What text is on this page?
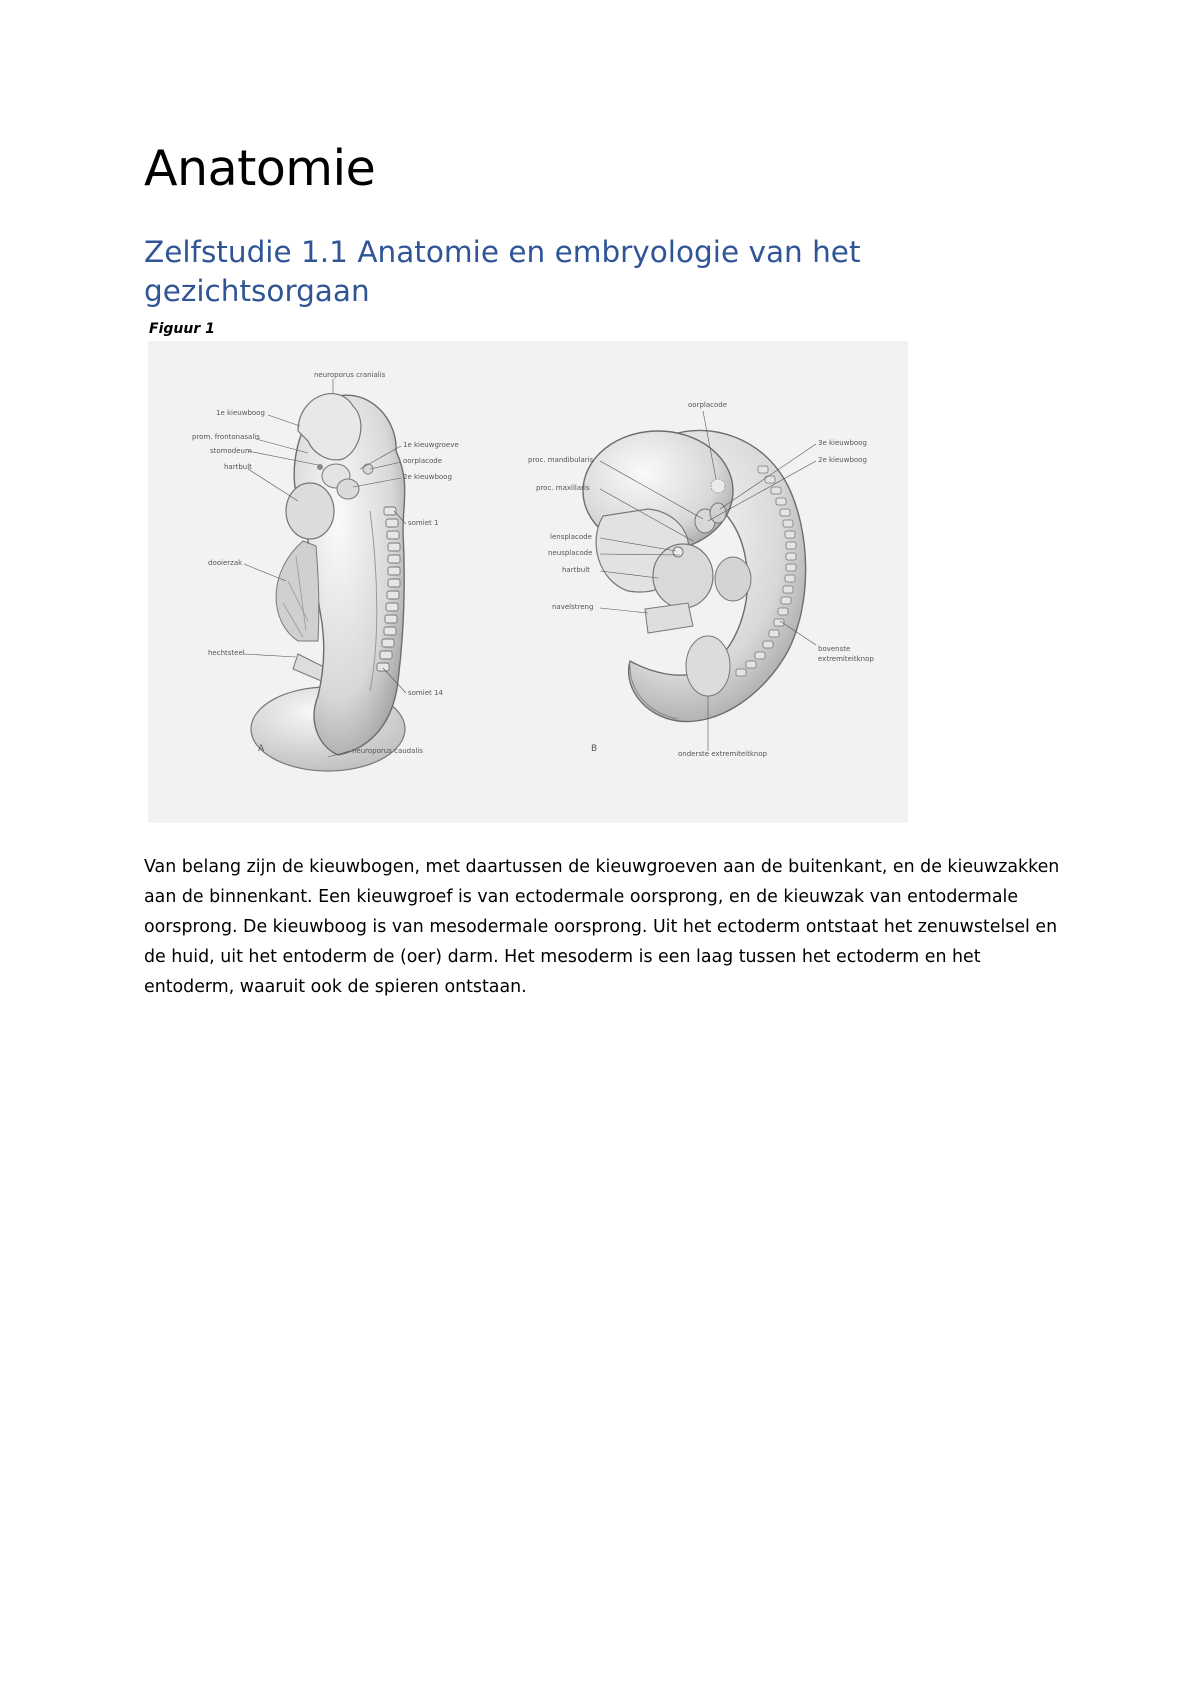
Anatomie
Zelfstudie 1.1 Anatomie en embryologie van het gezichtsorgaan
Figuur 1
neuroporus cranialis
1e kieuwboog
prom. frontonasalis
stomodeum
hartbult
1e kieuwgroeve
oorplacode
2e kieuwboog
somiet 1
dooierzak
hechtsteel
somiet 14
neuroporus caudalis
A
oorplacode
proc. mandibularis
3e kieuwboog
2e kieuwboog
proc. maxillaris
lensplacode
neusplacode
hartbult
navelstreng
bovenste
extremiteitknop
onderste extremiteitknop
B

Van belang zijn de kieuwbogen, met daartussen de kieuwgroeven aan de buitenkant, en de kieuwzakken aan de binnenkant. Een kieuwgroef is van ectodermale oorsprong, en de kieuwzak van entodermale oorsprong. De kieuwboog is van mesodermale oorsprong. Uit het ectoderm ontstaat het zenuwstelsel en de huid, uit het entoderm de (oer) darm. Het mesoderm is een laag tussen het ectoderm en het entoderm, waaruit ook de spieren ontstaan.
